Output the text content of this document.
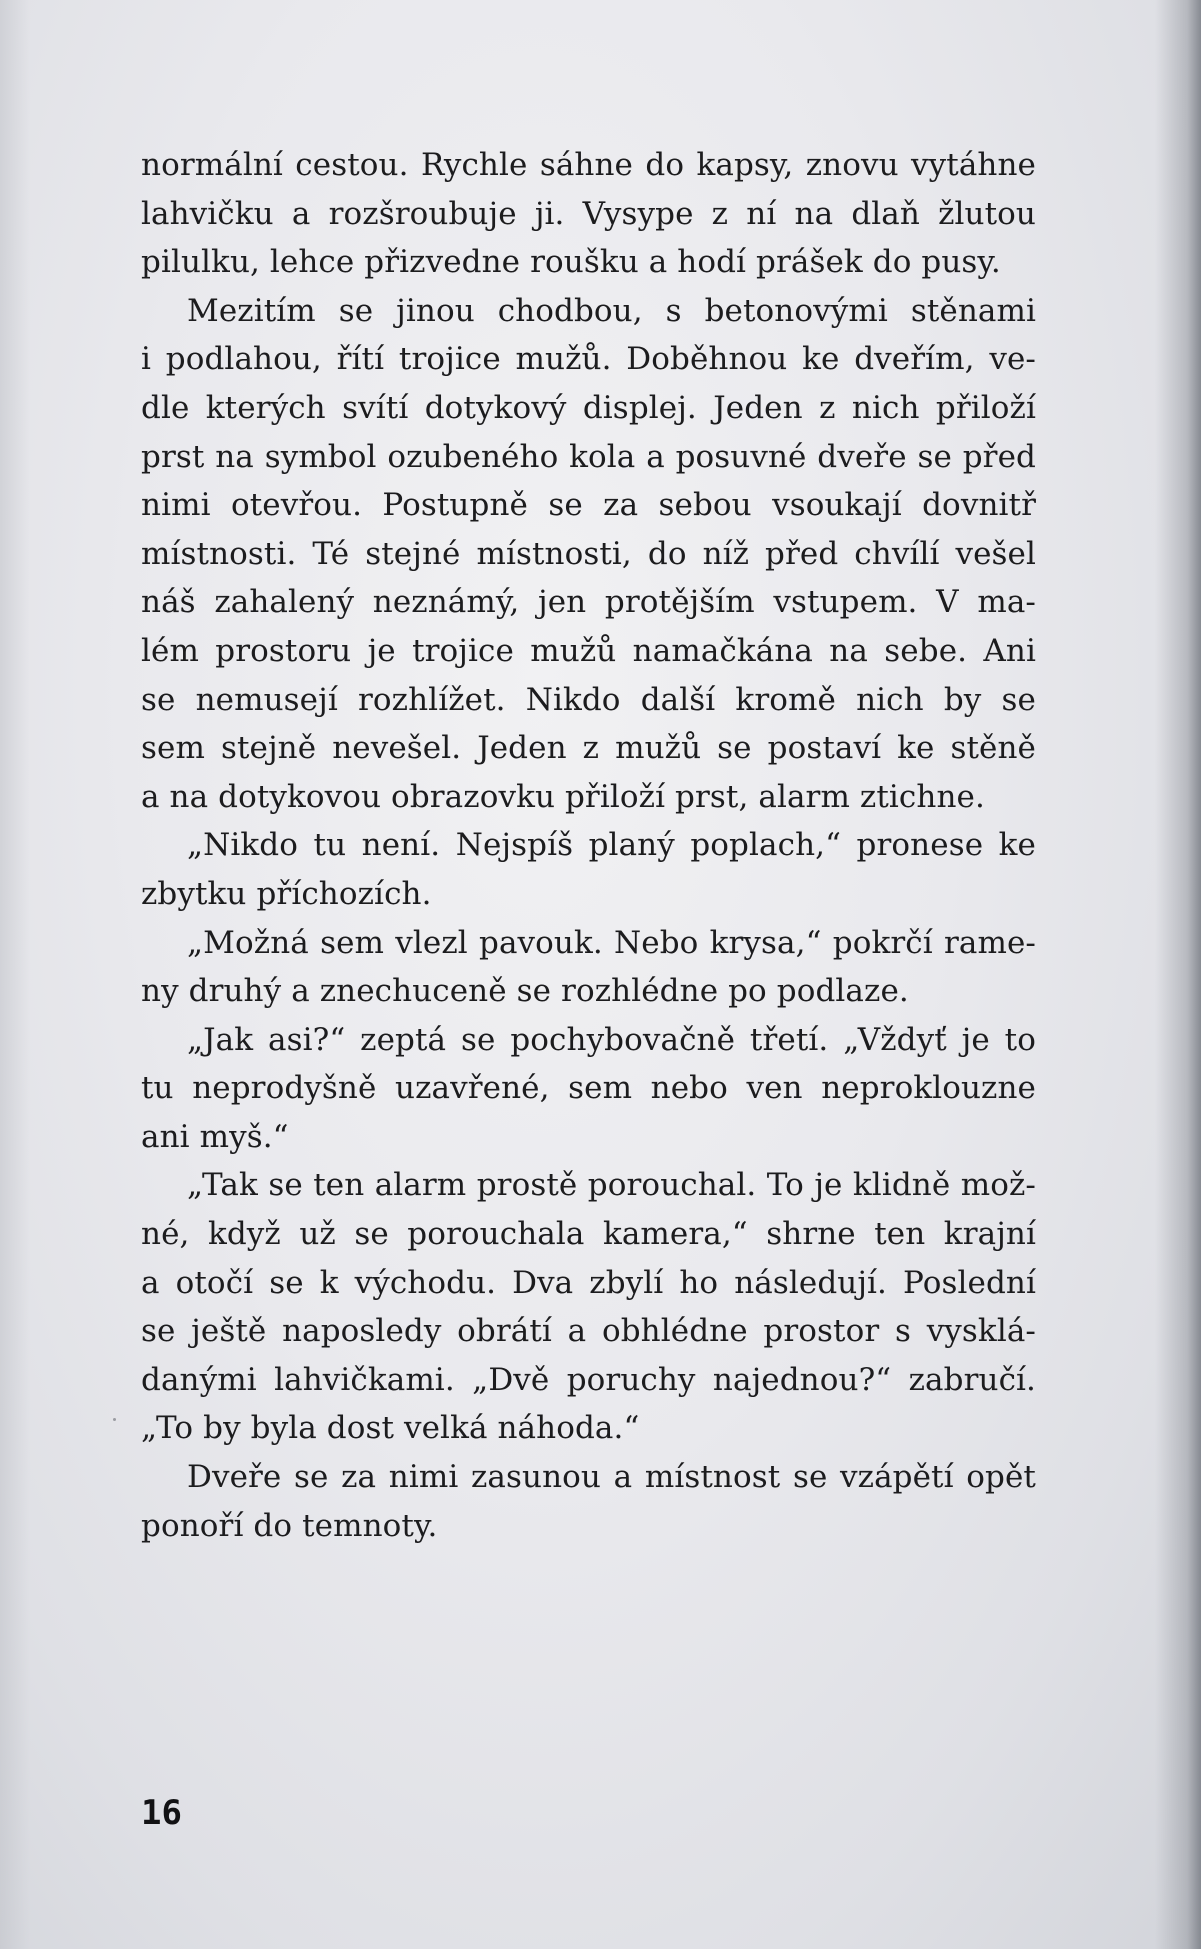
normální cestou. Rychle sáhne do kapsy, znovu vytáhne
lahvičku a rozšroubuje ji. Vysype z ní na dlaň žlutou
pilulku, lehce přizvedne roušku a hodí prášek do pusy.
Mezitím se jinou chodbou, s betonovými stěnami
i podlahou, řítí trojice mužů. Doběhnou ke dveřím, ve-
dle kterých svítí dotykový displej. Jeden z nich přiloží
prst na symbol ozubeného kola a posuvné dveře se před
nimi otevřou. Postupně se za sebou vsoukají dovnitř
místnosti. Té stejné místnosti, do níž před chvílí vešel
náš zahalený neznámý, jen protějším vstupem. V ma-
lém prostoru je trojice mužů namačkána na sebe. Ani
se nemusejí rozhlížet. Nikdo další kromě nich by se
sem stejně nevešel. Jeden z mužů se postaví ke stěně
a na dotykovou obrazovku přiloží prst, alarm ztichne.
„Nikdo tu není. Nejspíš planý poplach,“ pronese ke
zbytku příchozích.
„Možná sem vlezl pavouk. Nebo krysa,“ pokrčí rame-
ny druhý a znechuceně se rozhlédne po podlaze.
„Jak asi?“ zeptá se pochybovačně třetí. „Vždyť je to
tu neprodyšně uzavřené, sem nebo ven neproklouzne
ani myš.“
„Tak se ten alarm prostě porouchal. To je klidně mož-
né, když už se porouchala kamera,“ shrne ten krajní
a otočí se k východu. Dva zbylí ho následují. Poslední
se ještě naposledy obrátí a obhlédne prostor s vysklá-
danými lahvičkami. „Dvě poruchy najednou?“ zabručí.
„To by byla dost velká náhoda.“
Dveře se za nimi zasunou a místnost se vzápětí opět
ponoří do temnoty.
16
